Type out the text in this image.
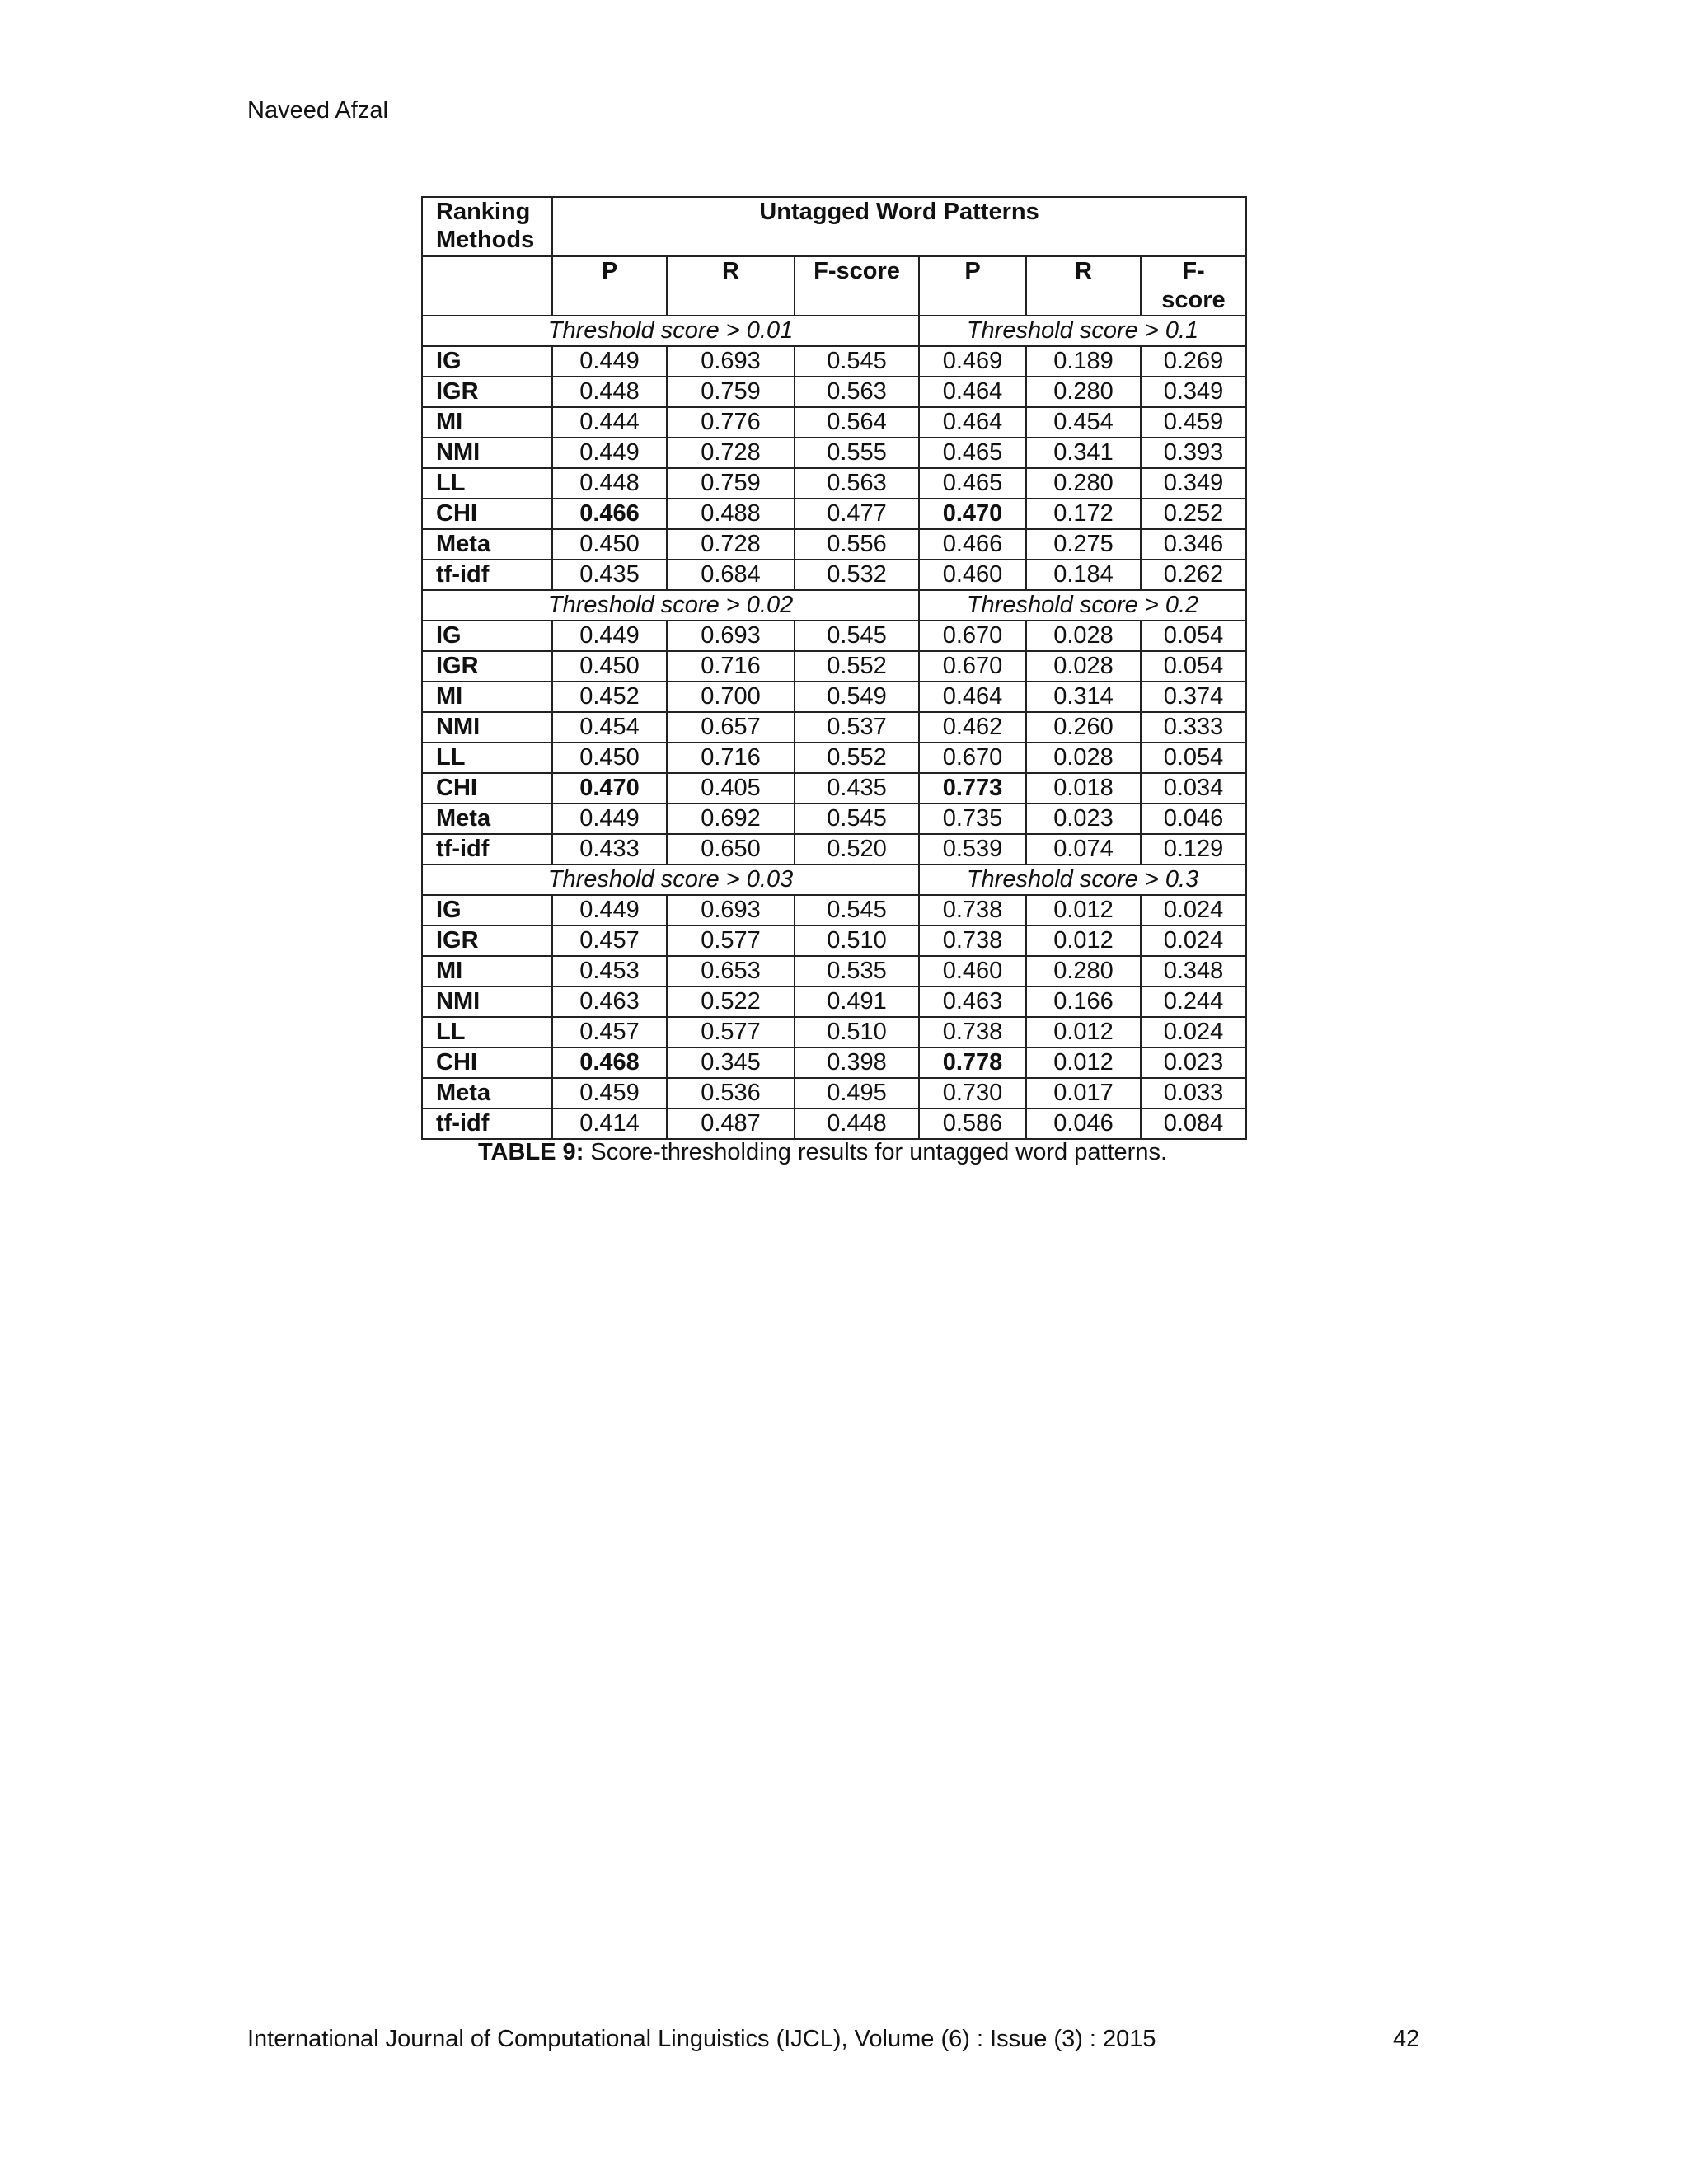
Naveed Afzal
Ranking
Methods	Untagged Word Patterns					
	P	R	F-score	P	R	F-
score
Threshold score > 0.01				Threshold score > 0.1		
IG	0.449	0.693	0.545	0.469	0.189	0.269
IGR	0.448	0.759	0.563	0.464	0.280	0.349
MI	0.444	0.776	0.564	0.464	0.454	0.459
NMI	0.449	0.728	0.555	0.465	0.341	0.393
LL	0.448	0.759	0.563	0.465	0.280	0.349
CHI	0.466	0.488	0.477	0.470	0.172	0.252
Meta	0.450	0.728	0.556	0.466	0.275	0.346
tf-idf	0.435	0.684	0.532	0.460	0.184	0.262
Threshold score > 0.02				Threshold score > 0.2		
IG	0.449	0.693	0.545	0.670	0.028	0.054
IGR	0.450	0.716	0.552	0.670	0.028	0.054
MI	0.452	0.700	0.549	0.464	0.314	0.374
NMI	0.454	0.657	0.537	0.462	0.260	0.333
LL	0.450	0.716	0.552	0.670	0.028	0.054
CHI	0.470	0.405	0.435	0.773	0.018	0.034
Meta	0.449	0.692	0.545	0.735	0.023	0.046
tf-idf	0.433	0.650	0.520	0.539	0.074	0.129
Threshold score > 0.03				Threshold score > 0.3		
IG	0.449	0.693	0.545	0.738	0.012	0.024
IGR	0.457	0.577	0.510	0.738	0.012	0.024
MI	0.453	0.653	0.535	0.460	0.280	0.348
NMI	0.463	0.522	0.491	0.463	0.166	0.244
LL	0.457	0.577	0.510	0.738	0.012	0.024
CHI	0.468	0.345	0.398	0.778	0.012	0.023
Meta	0.459	0.536	0.495	0.730	0.017	0.033
tf-idf	0.414	0.487	0.448	0.586	0.046	0.084
TABLE 9: Score-thresholding results for untagged word patterns.
International Journal of Computational Linguistics (IJCL), Volume (6) : Issue (3) : 2015	42
